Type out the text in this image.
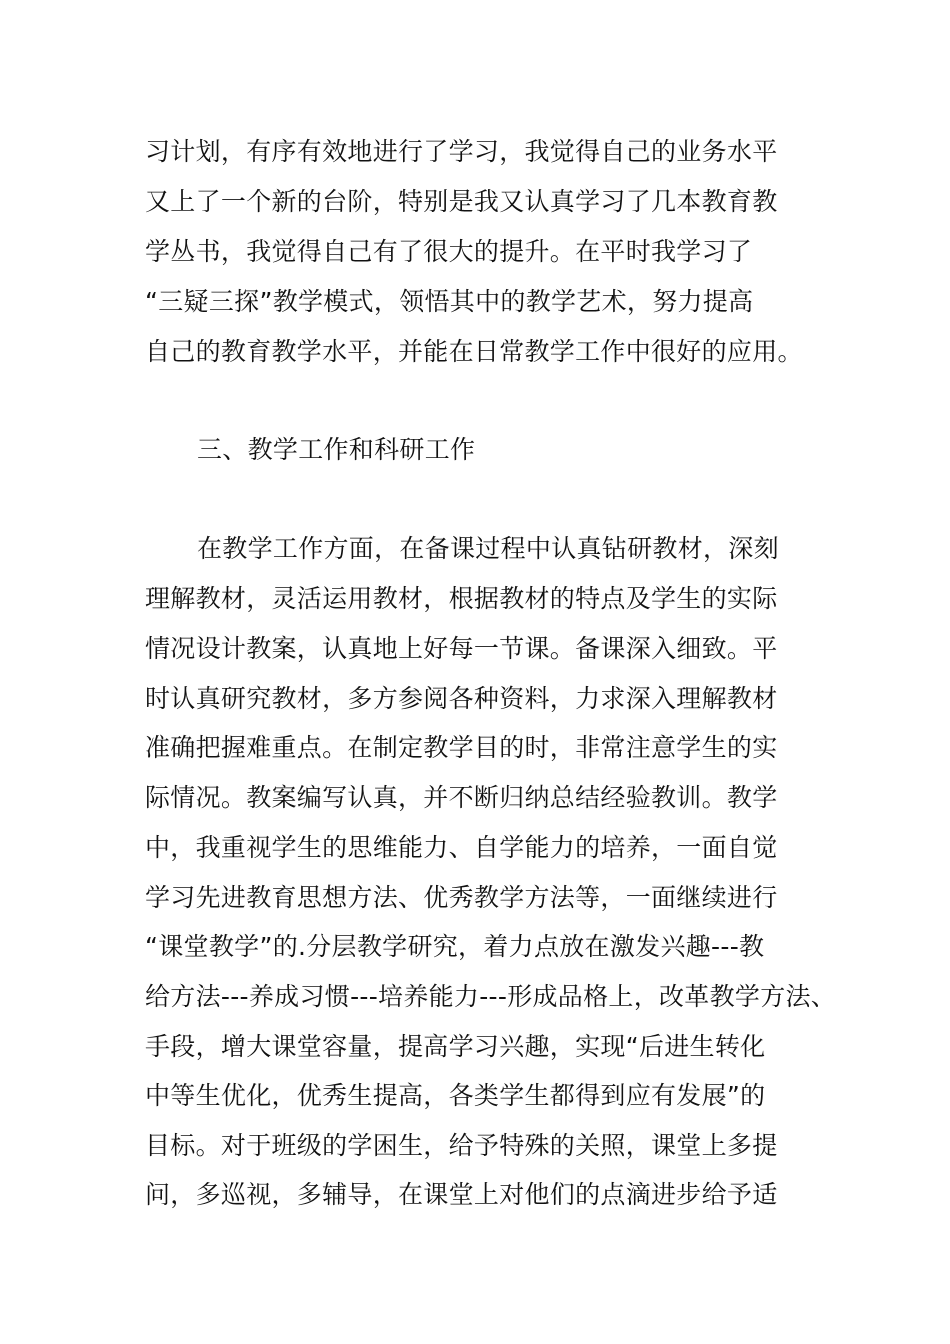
习计划，有序有效地进行了学习，我觉得自己的业务水平
又上了一个新的台阶，特别是我又认真学习了几本教育教
学丛书，我觉得自己有了很大的提升。在平时我学习了
“三疑三探”教学模式，领悟其中的教学艺术，努力提高
自己的教育教学水平，并能在日常教学工作中很好的应用。
三、教学工作和科研工作
在教学工作方面，在备课过程中认真钻研教材，深刻
理解教材，灵活运用教材，根据教材的特点及学生的实际
情况设计教案，认真地上好每一节课。备课深入细致。平
时认真研究教材，多方参阅各种资料，力求深入理解教材
准确把握难重点。在制定教学目的时，非常注意学生的实
际情况。教案编写认真，并不断归纳总结经验教训。教学
中，我重视学生的思维能力、自学能力的培养，一面自觉
学习先进教育思想方法、优秀教学方法等，一面继续进行
“课堂教学”的.分层教学研究，着力点放在激发兴趣---教
给方法---养成习惯---培养能力---形成品格上，改革教学方法、
手段，增大课堂容量，提高学习兴趣，实现“后进生转化
中等生优化，优秀生提高，各类学生都得到应有发展”的
目标。对于班级的学困生，给予特殊的关照，课堂上多提
问，多巡视，多辅导，在课堂上对他们的点滴进步给予适
